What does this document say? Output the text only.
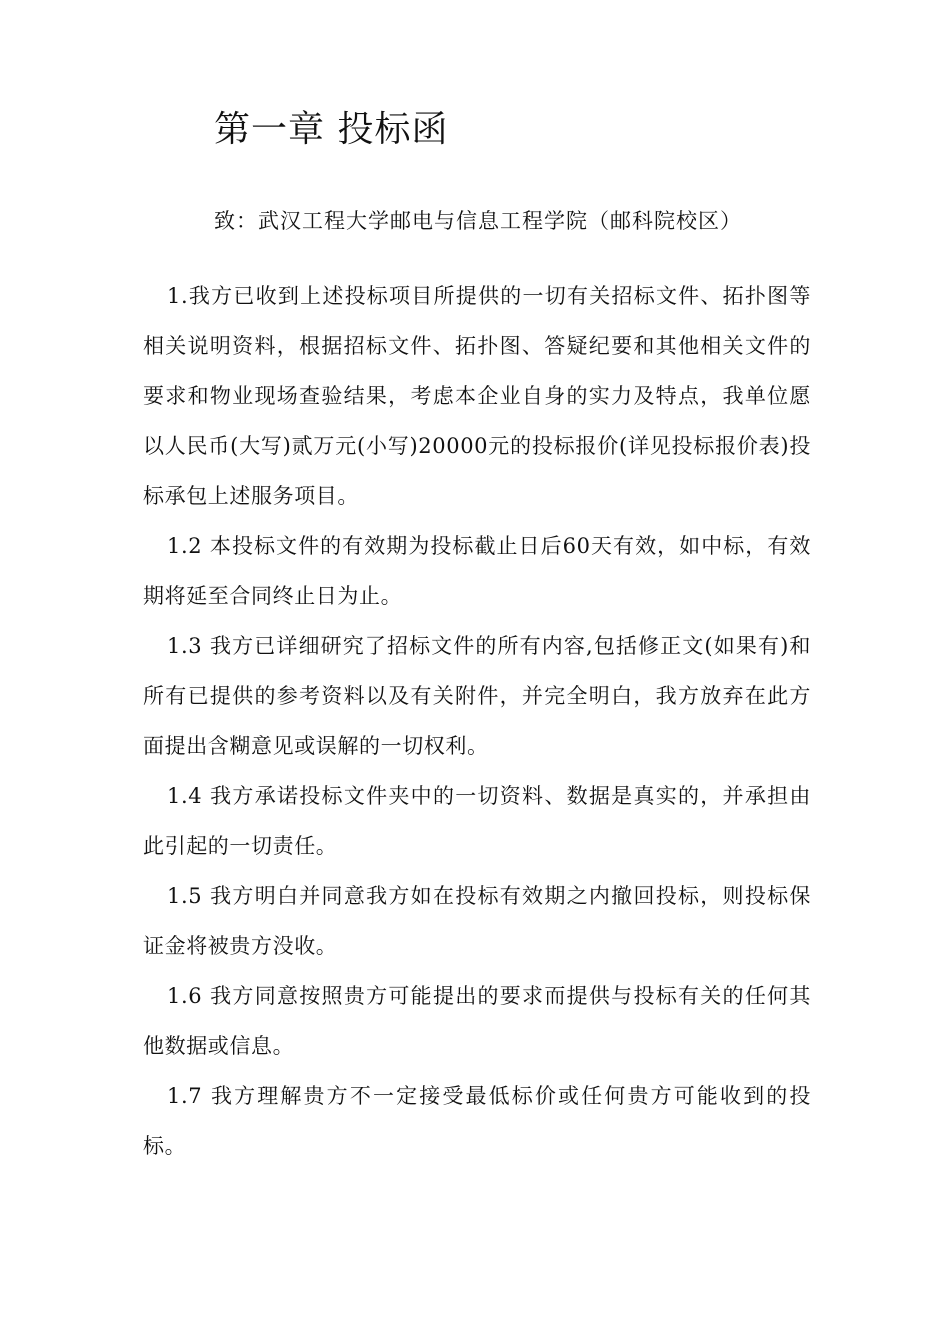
第一章 投标函
致：武汉工程大学邮电与信息工程学院（邮科院校区）

1.我方已收到上述投标项目所提供的一切有关招标文件、拓扑图等相关说明资料，根据招标文件、拓扑图、答疑纪要和其他相关文件的要求和物业现场查验结果，考虑本企业自身的实力及特点，我单位愿以人民币(大写)贰万元(小写)20000元的投标报价(详见投标报价表)投标承包上述服务项目。

1.2 本投标文件的有效期为投标截止日后60天有效，如中标，有效期将延至合同终止日为止。

1.3 我方已详细研究了招标文件的所有内容,包括修正文(如果有)和所有已提供的参考资料以及有关附件，并完全明白，我方放弃在此方面提出含糊意见或误解的一切权利。

1.4 我方承诺投标文件夹中的一切资料、数据是真实的，并承担由此引起的一切责任。

1.5 我方明白并同意我方如在投标有效期之内撤回投标，则投标保证金将被贵方没收。

1.6 我方同意按照贵方可能提出的要求而提供与投标有关的任何其他数据或信息。

1.7 我方理解贵方不一定接受最低标价或任何贵方可能收到的投标。
